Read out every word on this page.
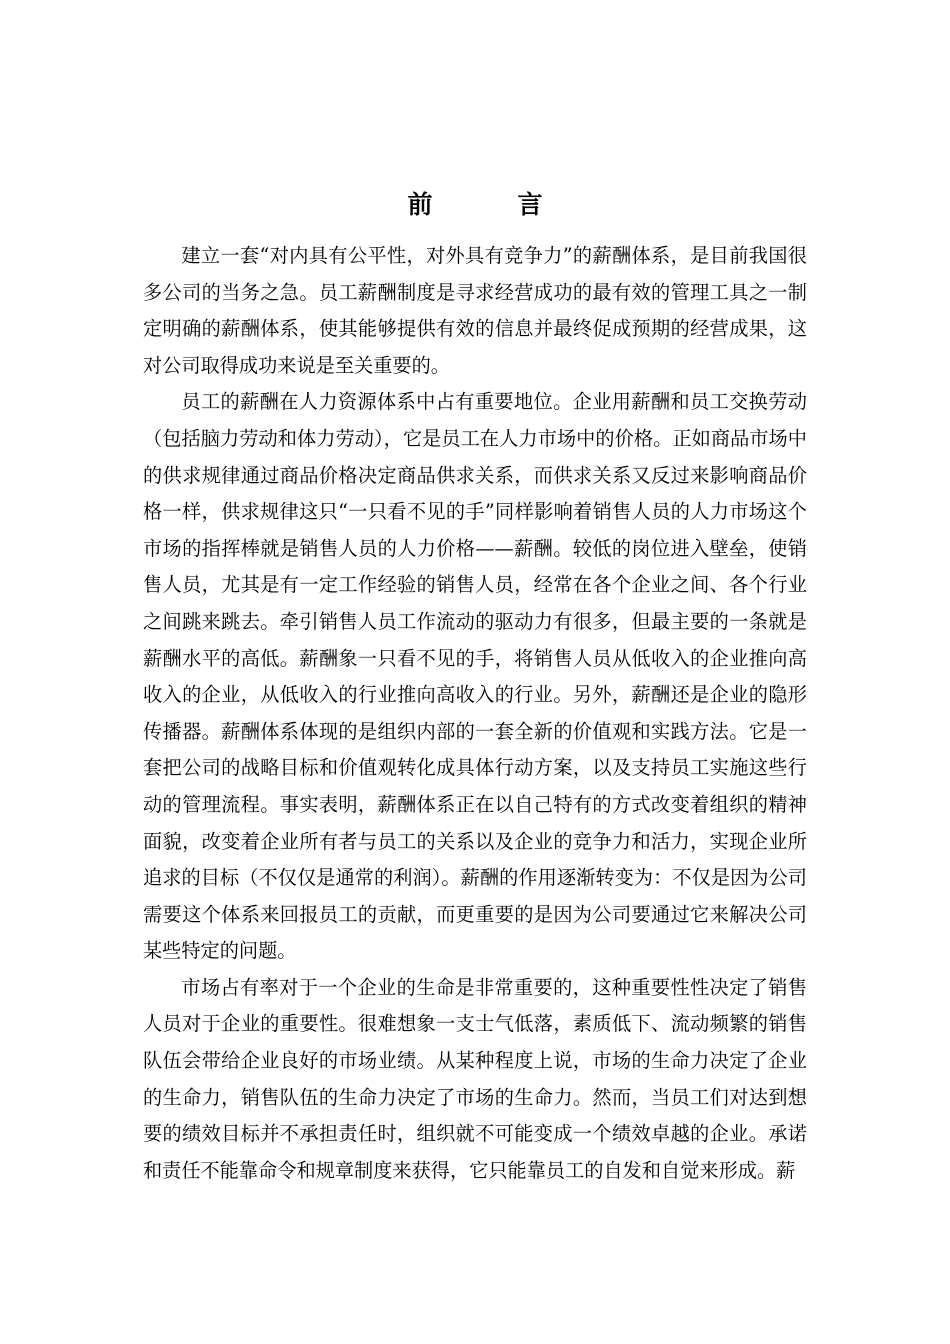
前　言

建立一套“对内具有公平性，对外具有竞争力”的薪酬体系，是目前我国很多公司的当务之急。员工薪酬制度是寻求经营成功的最有效的管理工具之一制定明确的薪酬体系，使其能够提供有效的信息并最终促成预期的经营成果，这对公司取得成功来说是至关重要的。

员工的薪酬在人力资源体系中占有重要地位。企业用薪酬和员工交换劳动（包括脑力劳动和体力劳动），它是员工在人力市场中的价格。正如商品市场中的供求规律通过商品价格决定商品供求关系，而供求关系又反过来影响商品价格一样，供求规律这只“一只看不见的手”同样影响着销售人员的人力市场这个市场的指挥棒就是销售人员的人力价格——薪酬。较低的岗位进入壁垒，使销售人员，尤其是有一定工作经验的销售人员，经常在各个企业之间、各个行业之间跳来跳去。牵引销售人员工作流动的驱动力有很多，但最主要的一条就是薪酬水平的高低。薪酬象一只看不见的手，将销售人员从低收入的企业推向高收入的企业，从低收入的行业推向高收入的行业。另外，薪酬还是企业的隐形传播器。薪酬体系体现的是组织内部的一套全新的价值观和实践方法。它是一套把公司的战略目标和价值观转化成具体行动方案，以及支持员工实施这些行动的管理流程。事实表明，薪酬体系正在以自己特有的方式改变着组织的精神面貌，改变着企业所有者与员工的关系以及企业的竞争力和活力，实现企业所追求的目标（不仅仅是通常的利润）。薪酬的作用逐渐转变为：不仅是因为公司需要这个体系来回报员工的贡献，而更重要的是因为公司要通过它来解决公司某些特定的问题。

市场占有率对于一个企业的生命是非常重要的，这种重要性性决定了销售人员对于企业的重要性。很难想象一支士气低落，素质低下、流动频繁的销售队伍会带给企业良好的市场业绩。从某种程度上说，市场的生命力决定了企业的生命力，销售队伍的生命力决定了市场的生命力。然而，当员工们对达到想要的绩效目标并不承担责任时，组织就不可能变成一个绩效卓越的企业。承诺和责任不能靠命令和规章制度来获得，它只能靠员工的自发和自觉来形成。薪
